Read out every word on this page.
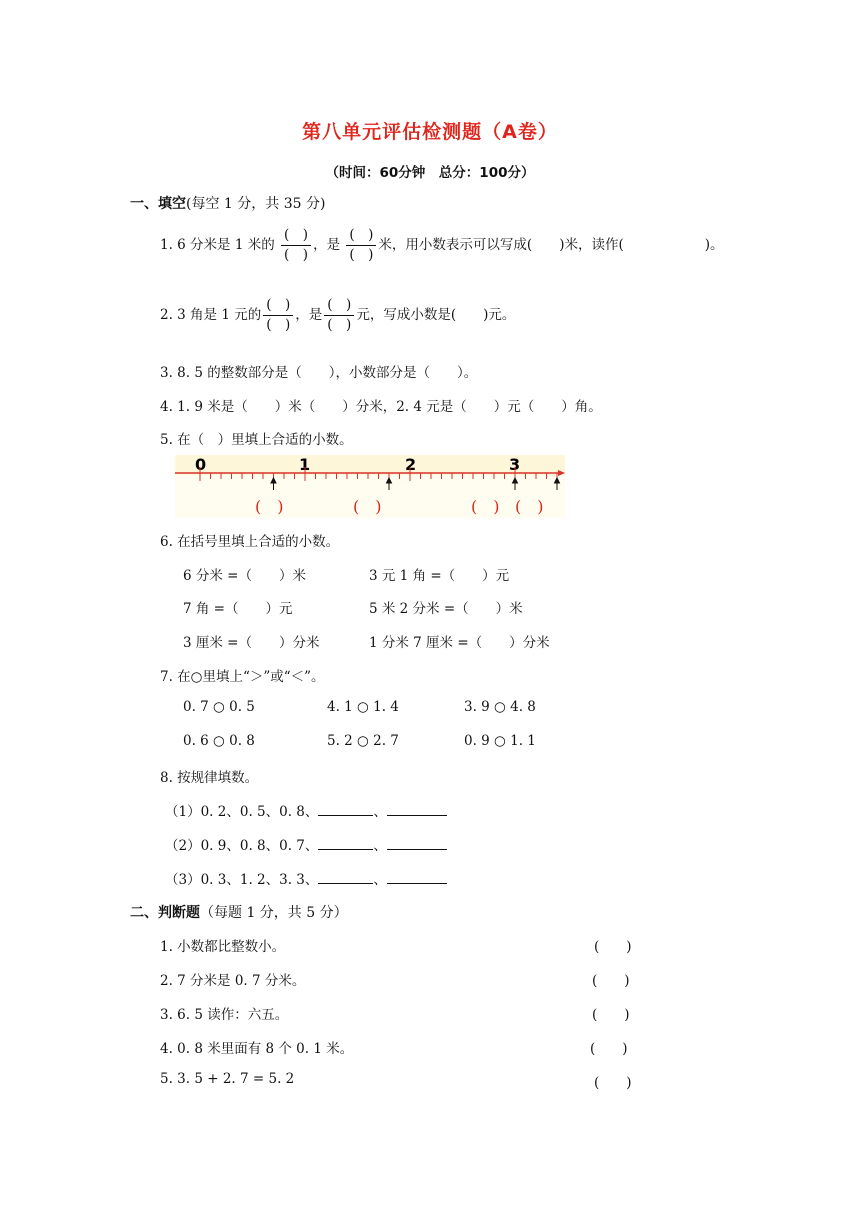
第八单元评估检测题（A卷）
（时间：60分钟　总分：100分）
一、填空(每空 1 分，共 35 分)
1. 6 分米是 1 米的 $\frac{( )}{( )}$ ，是 $\frac{( )}{( )}$ 米，用小数表示可以写成(　　)米，读作(　　　　　　)。
2. 3 角是 1 元的 $\frac{( )}{( )}$ ，是 $\frac{( )}{( )}$ 元，写成小数是(　　)元。
3. 8. 5 的整数部分是（　　），小数部分是（　　）。
4. 1. 9 米是（　　）米（　　）分米，2. 4 元是（　　）元（　　）角。
5. 在（　）里填上合适的小数。
0	1	2	3
(　)	(　)	(　) (　)
6. 在括号里填上合适的小数。
6 分米 =（　　）米	3 元 1 角 =（　　）元
7 角 =（　　）元	5 米 2 分米 =（　　）米
3 厘米 =（　　）分米	1 分米 7 厘米 =（　　）分米
7. 在○里填上“＞”或“＜”。
0. 7 ○ 0. 5	4. 1 ○ 1. 4	3. 9 ○ 4. 8
0. 6 ○ 0. 8	5. 2 ○ 2. 7	0. 9 ○ 1. 1
8. 按规律填数。
（1）0. 2、0. 5、0. 8、	、
（2）0. 9、0. 8、0. 7、	、
（3）0. 3、1. 2、3. 3、	、
二、判断题（每题 1 分，共 5 分）
1. 小数都比整数小。	(　　)
2. 7 分米是 0. 7 分米。	(　　)
3. 6. 5 读作：六五。	(　　)
4. 0. 8 米里面有 8 个 0. 1 米。	(　　)
5. 3. 5 + 2. 7 = 5. 2	(　　)
